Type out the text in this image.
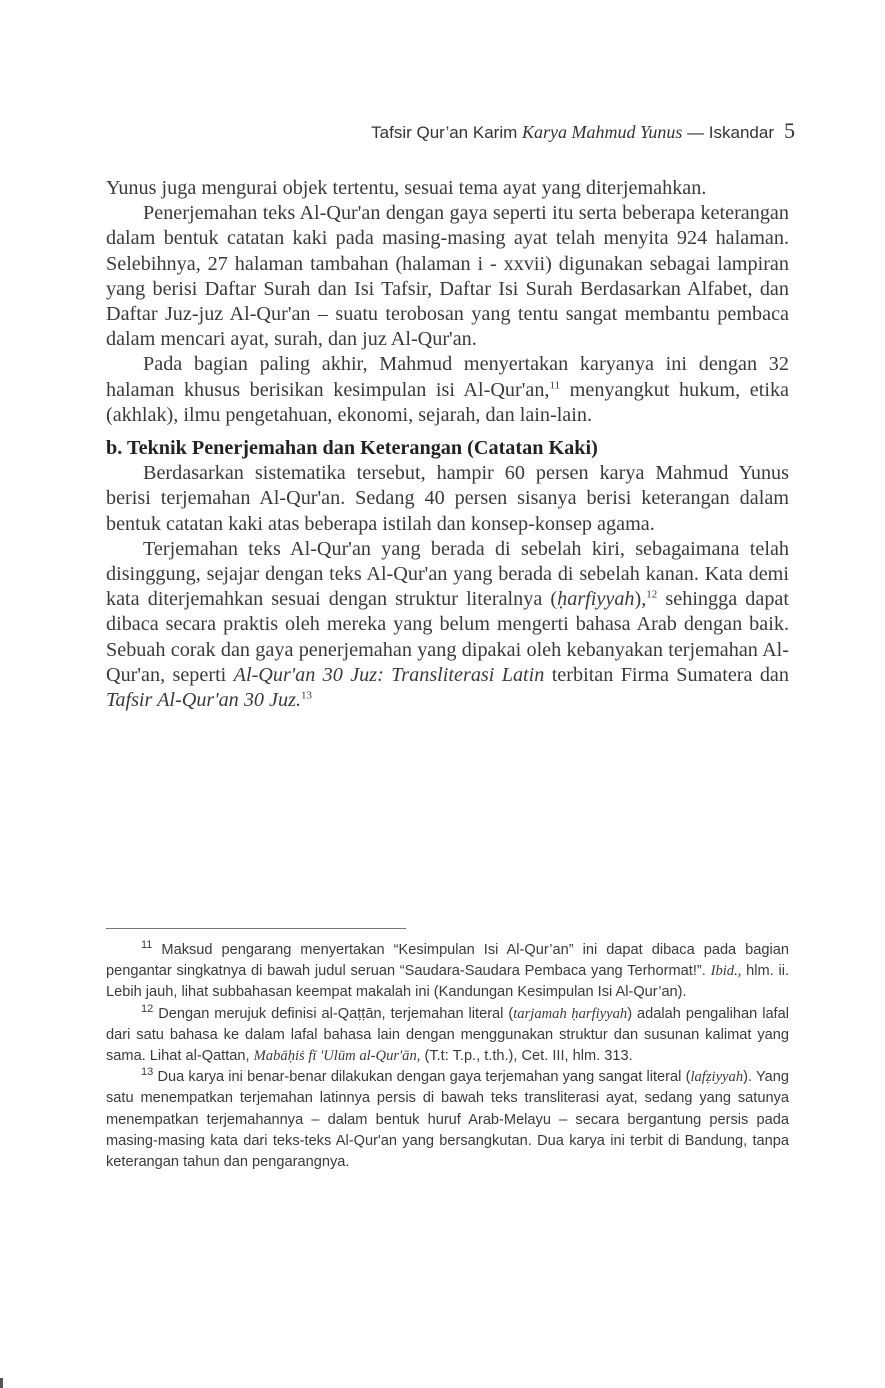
Tafsir Qur’an Karim Karya Mahmud Yunus — Iskandar 5

Yunus juga mengurai objek tertentu, sesuai tema ayat yang diterjemahkan.

Penerjemahan teks Al-Qur'an dengan gaya seperti itu serta beberapa keterangan dalam bentuk catatan kaki pada masing-masing ayat telah menyita 924 halaman. Selebihnya, 27 halaman tambahan (halaman i - xxvii) digunakan sebagai lampiran yang berisi Daftar Surah dan Isi Tafsir, Daftar Isi Surah Berdasarkan Alfabet, dan Daftar Juz-juz Al-Qur'an – suatu terobosan yang tentu sangat membantu pembaca dalam mencari ayat, surah, dan juz Al-Qur'an.

Pada bagian paling akhir, Mahmud menyertakan karyanya ini dengan 32 halaman khusus berisikan kesimpulan isi Al-Qur'an,$^{11}$ menyangkut hukum, etika (akhlak), ilmu pengetahuan, ekonomi, sejarah, dan lain-lain.

b. Teknik Penerjemahan dan Keterangan (Catatan Kaki)

Berdasarkan sistematika tersebut, hampir 60 persen karya Mahmud Yunus berisi terjemahan Al-Qur'an. Sedang 40 persen sisanya berisi keterangan dalam bentuk catatan kaki atas beberapa istilah dan konsep-konsep agama.

Terjemahan teks Al-Qur'an yang berada di sebelah kiri, sebagaimana telah disinggung, sejajar dengan teks Al-Qur'an yang berada di sebelah kanan. Kata demi kata diterjemahkan sesuai dengan struktur literalnya (ḥarfiyyah),$^{12}$ sehingga dapat dibaca secara praktis oleh mereka yang belum mengerti bahasa Arab dengan baik. Sebuah corak dan gaya penerjemahan yang dipakai oleh kebanyakan terjemahan Al-Qur'an, seperti Al-Qur'an 30 Juz: Transliterasi Latin terbitan Firma Sumatera dan Tafsir Al-Qur'an 30 Juz.$^{13}$

$^{11}$ Maksud pengarang menyertakan “Kesimpulan Isi Al-Qur’an” ini dapat dibaca pada bagian pengantar singkatnya di bawah judul seruan “Saudara-Saudara Pembaca yang Terhormat!”. Ibid., hlm. ii. Lebih jauh, lihat subbahasan keempat makalah ini (Kandungan Kesimpulan Isi Al-Qur’an).

$^{12}$ Dengan merujuk definisi al-Qaṭṭān, terjemahan literal (tarjamah ḥarfiyyah) adalah pengalihan lafal dari satu bahasa ke dalam lafal bahasa lain dengan menggunakan struktur dan susunan kalimat yang sama. Lihat al-Qattan, Mabāḥiṡ fī 'Ulūm al-Qur'ān, (T.t: T.p., t.th.), Cet. III, hlm. 313.

$^{13}$ Dua karya ini benar-benar dilakukan dengan gaya terjemahan yang sangat literal (lafẓiyyah). Yang satu menempatkan terjemahan latinnya persis di bawah teks transliterasi ayat, sedang yang satunya menempatkan terjemahannya – dalam bentuk huruf Arab-Melayu – secara bergantung persis pada masing-masing kata dari teks-teks Al-Qur'an yang bersangkutan. Dua karya ini terbit di Bandung, tanpa keterangan tahun dan pengarangnya.
